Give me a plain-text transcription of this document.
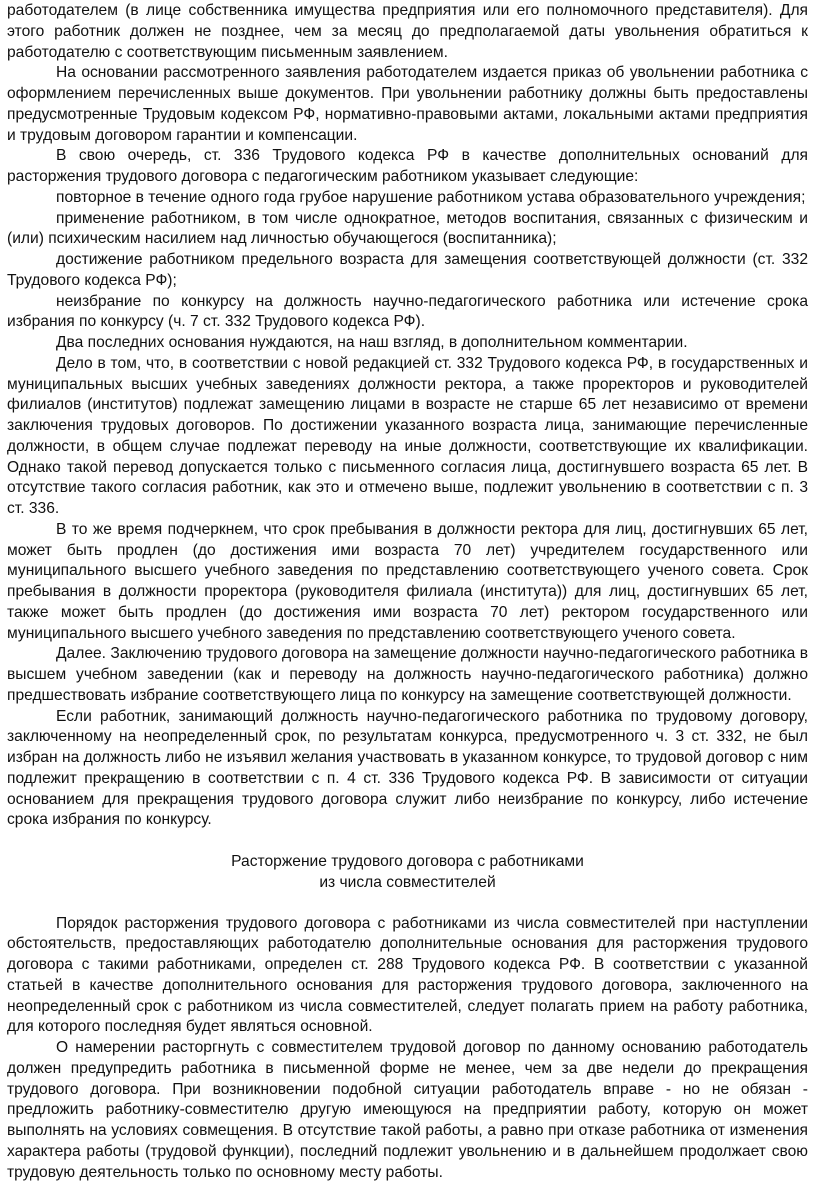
работодателем (в лице собственника имущества предприятия или его полномочного представителя). Для этого работник должен не позднее, чем за месяц до предполагаемой даты увольнения обратиться к работодателю с соответствующим письменным заявлением.

На основании рассмотренного заявления работодателем издается приказ об увольнении работника с оформлением перечисленных выше документов. При увольнении работнику должны быть предоставлены предусмотренные Трудовым кодексом РФ, нормативно-правовыми актами, локальными актами предприятия и трудовым договором гарантии и компенсации.

В свою очередь, ст. 336 Трудового кодекса РФ в качестве дополнительных оснований для расторжения трудового договора с педагогическим работником указывает следующие:

повторное в течение одного года грубое нарушение работником устава образовательного учреждения;

применение работником, в том числе однократное, методов воспитания, связанных с физическим и (или) психическим насилием над личностью обучающегося (воспитанника);

достижение работником предельного возраста для замещения соответствующей должности (ст. 332 Трудового кодекса РФ);

неизбрание по конкурсу на должность научно-педагогического работника или истечение срока избрания по конкурсу (ч. 7 ст. 332 Трудового кодекса РФ).

Два последних основания нуждаются, на наш взгляд, в дополнительном комментарии.

Дело в том, что, в соответствии с новой редакцией ст. 332 Трудового кодекса РФ, в государственных и муниципальных высших учебных заведениях должности ректора, а также проректоров и руководителей филиалов (институтов) подлежат замещению лицами в возрасте не старше 65 лет независимо от времени заключения трудовых договоров. По достижении указанного возраста лица, занимающие перечисленные должности, в общем случае подлежат переводу на иные должности, соответствующие их квалификации. Однако такой перевод допускается только с письменного согласия лица, достигнувшего возраста 65 лет. В отсутствие такого согласия работник, как это и отмечено выше, подлежит увольнению в соответствии с п. 3 ст. 336.

В то же время подчеркнем, что срок пребывания в должности ректора для лиц, достигнувших 65 лет, может быть продлен (до достижения ими возраста 70 лет) учредителем государственного или муниципального высшего учебного заведения по представлению соответствующего ученого совета. Срок пребывания в должности проректора (руководителя филиала (института)) для лиц, достигнувших 65 лет, также может быть продлен (до достижения ими возраста 70 лет) ректором государственного или муниципального высшего учебного заведения по представлению соответствующего ученого совета.

Далее. Заключению трудового договора на замещение должности научно-педагогического работника в высшем учебном заведении (как и переводу на должность научно-педагогического работника) должно предшествовать избрание соответствующего лица по конкурсу на замещение соответствующей должности.

Если работник, занимающий должность научно-педагогического работника по трудовому договору, заключенному на неопределенный срок, по результатам конкурса, предусмотренного ч. 3 ст. 332, не был избран на должность либо не изъявил желания участвовать в указанном конкурсе, то трудовой договор с ним подлежит прекращению в соответствии с п. 4 ст. 336 Трудового кодекса РФ. В зависимости от ситуации основанием для прекращения трудового договора служит либо неизбрание по конкурсу, либо истечение срока избрания по конкурсу.

Расторжение трудового договора с работниками
из числа совместителей

Порядок расторжения трудового договора с работниками из числа совместителей при наступлении обстоятельств, предоставляющих работодателю дополнительные основания для расторжения трудового договора с такими работниками, определен ст. 288 Трудового кодекса РФ. В соответствии с указанной статьей в качестве дополнительного основания для расторжения трудового договора, заключенного на неопределенный срок с работником из числа совместителей, следует полагать прием на работу работника, для которого последняя будет являться основной.

О намерении расторгнуть с совместителем трудовой договор по данному основанию работодатель должен предупредить работника в письменной форме не менее, чем за две недели до прекращения трудового договора. При возникновении подобной ситуации работодатель вправе - но не обязан - предложить работнику-совместителю другую имеющуюся на предприятии работу, которую он может выполнять на условиях совмещения. В отсутствие такой работы, а равно при отказе работника от изменения характера работы (трудовой функции), последний подлежит увольнению и в дальнейшем продолжает свою трудовую деятельность только по основному месту работы.
